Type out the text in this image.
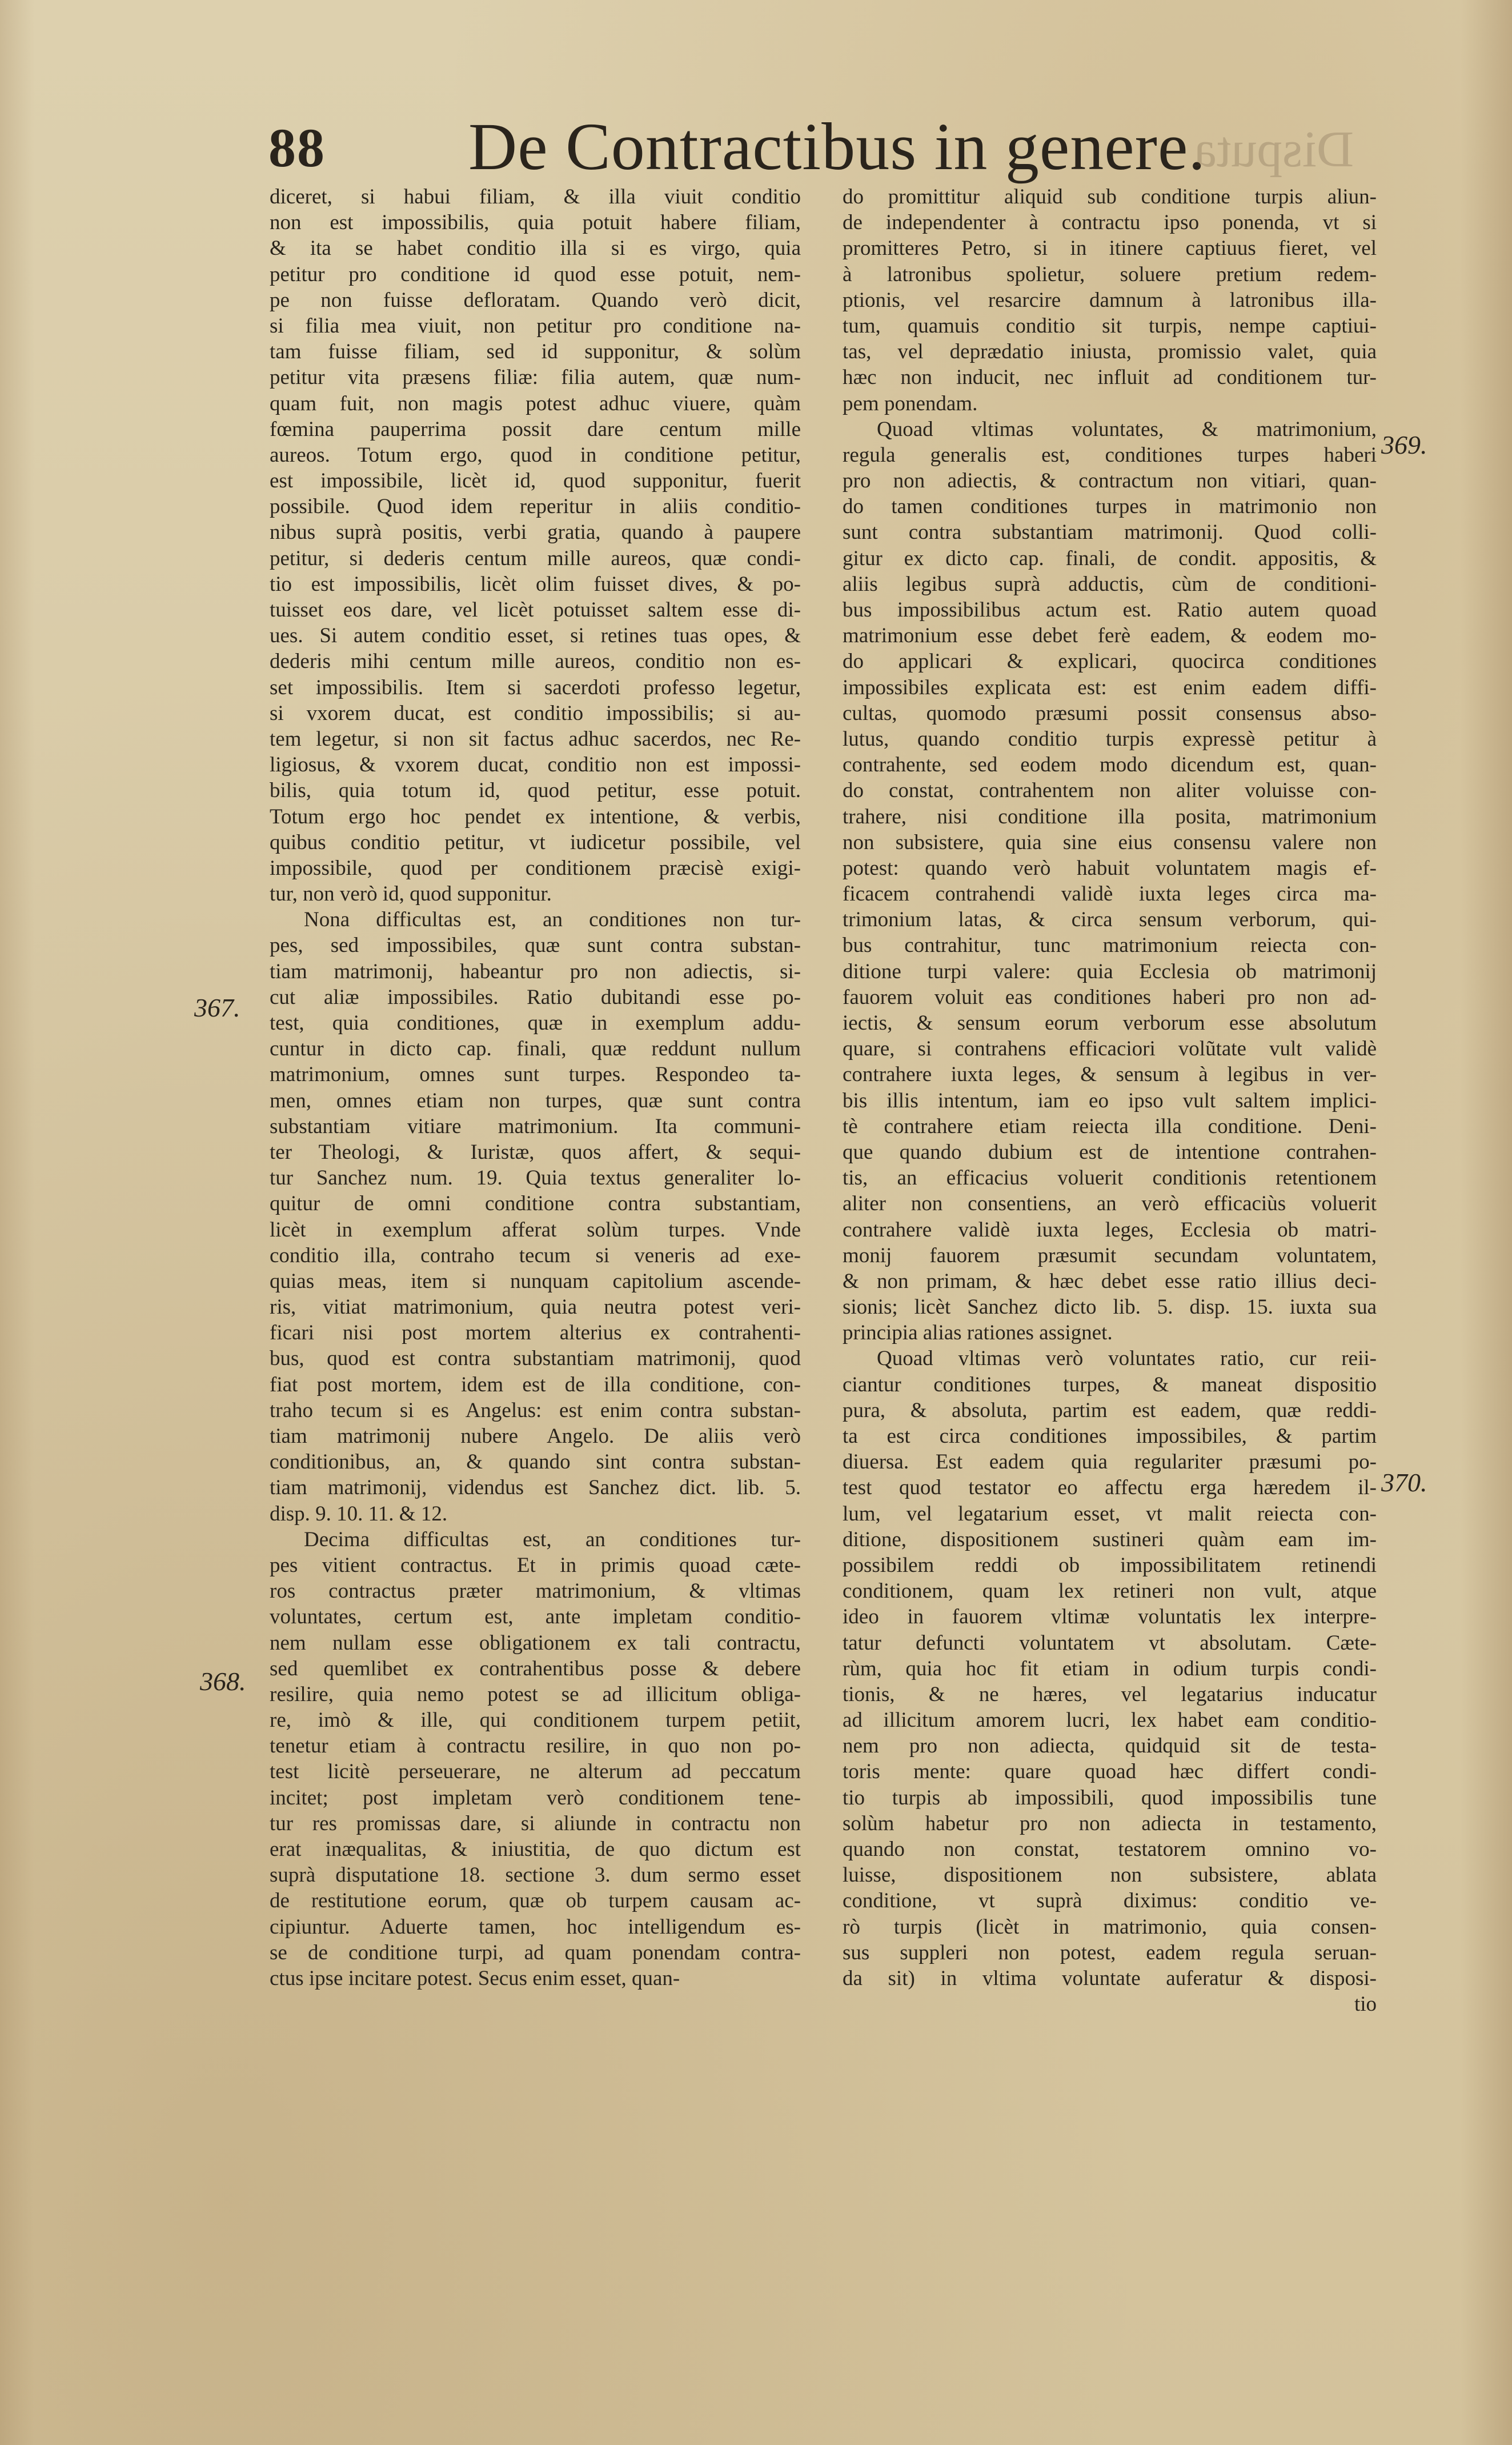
88 De Contractibus in genere.
Disputa
367.
368.
369.
370.
diceret, si habui filiam, & illa viuit conditio
non est impossibilis, quia potuit habere filiam,
& ita se habet conditio illa si es virgo, quia
petitur pro conditione id quod esse potuit, nem-
pe non fuisse defloratam. Quando verò dicit,
si filia mea viuit, non petitur pro conditione na-
tam fuisse filiam, sed id supponitur, & solùm
petitur vita præsens filiæ: filia autem, quæ num-
quam fuit, non magis potest adhuc viuere, quàm
fœmina pauperrima possit dare centum mille
aureos. Totum ergo, quod in conditione petitur,
est impossibile, licèt id, quod supponitur, fuerit
possibile. Quod idem reperitur in aliis conditio-
nibus suprà positis, verbi gratia, quando à paupere
petitur, si dederis centum mille aureos, quæ condi-
tio est impossibilis, licèt olim fuisset dives, & po-
tuisset eos dare, vel licèt potuisset saltem esse di-
ues. Si autem conditio esset, si retines tuas opes, &
dederis mihi centum mille aureos, conditio non es-
set impossibilis. Item si sacerdoti professo legetur,
si vxorem ducat, est conditio impossibilis; si au-
tem legetur, si non sit factus adhuc sacerdos, nec Re-
ligiosus, & vxorem ducat, conditio non est impossi-
bilis, quia totum id, quod petitur, esse potuit.
Totum ergo hoc pendet ex intentione, & verbis,
quibus conditio petitur, vt iudicetur possibile, vel
impossibile, quod per conditionem præcisè exigi-
tur, non verò id, quod supponitur.
Nona difficultas est, an conditiones non tur-
pes, sed impossibiles, quæ sunt contra substan-
tiam matrimonij, habeantur pro non adiectis, si-
cut aliæ impossibiles. Ratio dubitandi esse po-
test, quia conditiones, quæ in exemplum addu-
cuntur in dicto cap. finali, quæ reddunt nullum
matrimonium, omnes sunt turpes. Respondeo ta-
men, omnes etiam non turpes, quæ sunt contra
substantiam vitiare matrimonium. Ita communi-
ter Theologi, & Iuristæ, quos affert, & sequi-
tur Sanchez num. 19. Quia textus generaliter lo-
quitur de omni conditione contra substantiam,
licèt in exemplum afferat solùm turpes. Vnde
conditio illa, contraho tecum si veneris ad exe-
quias meas, item si nunquam capitolium ascende-
ris, vitiat matrimonium, quia neutra potest veri-
ficari nisi post mortem alterius ex contrahenti-
bus, quod est contra substantiam matrimonij, quod
fiat post mortem, idem est de illa conditione, con-
traho tecum si es Angelus: est enim contra substan-
tiam matrimonij nubere Angelo. De aliis verò
conditionibus, an, & quando sint contra substan-
tiam matrimonij, videndus est Sanchez dict. lib. 5.
disp. 9. 10. 11. & 12.
Decima difficultas est, an conditiones tur-
pes vitient contractus. Et in primis quoad cæte-
ros contractus præter matrimonium, & vltimas
voluntates, certum est, ante impletam conditio-
nem nullam esse obligationem ex tali contractu,
sed quemlibet ex contrahentibus posse & debere
resilire, quia nemo potest se ad illicitum obliga-
re, imò & ille, qui conditionem turpem petiit,
tenetur etiam à contractu resilire, in quo non po-
test licitè perseuerare, ne alterum ad peccatum
incitet; post impletam verò conditionem tene-
tur res promissas dare, si aliunde in contractu non
erat inæqualitas, & iniustitia, de quo dictum est
suprà disputatione 18. sectione 3. dum sermo esset
de restitutione eorum, quæ ob turpem causam ac-
cipiuntur. Aduerte tamen, hoc intelligendum es-
se de conditione turpi, ad quam ponendam contra-
ctus ipse incitare potest. Secus enim esset, quan-
do promittitur aliquid sub conditione turpis aliun-
de independenter à contractu ipso ponenda, vt si
promitteres Petro, si in itinere captiuus fieret, vel
à latronibus spolietur, soluere pretium redem-
ptionis, vel resarcire damnum à latronibus illa-
tum, quamuis conditio sit turpis, nempe captiui-
tas, vel deprædatio iniusta, promissio valet, quia
hæc non inducit, nec influit ad conditionem tur-
pem ponendam.
Quoad vltimas voluntates, & matrimonium,
regula generalis est, conditiones turpes haberi
pro non adiectis, & contractum non vitiari, quan-
do tamen conditiones turpes in matrimonio non
sunt contra substantiam matrimonij. Quod colli-
gitur ex dicto cap. finali, de condit. appositis, &
aliis legibus suprà adductis, cùm de conditioni-
bus impossibilibus actum est. Ratio autem quoad
matrimonium esse debet ferè eadem, & eodem mo-
do applicari & explicari, quocirca conditiones
impossibiles explicata est: est enim eadem diffi-
cultas, quomodo præsumi possit consensus abso-
lutus, quando conditio turpis expressè petitur à
contrahente, sed eodem modo dicendum est, quan-
do constat, contrahentem non aliter voluisse con-
trahere, nisi conditione illa posita, matrimonium
non subsistere, quia sine eius consensu valere non
potest: quando verò habuit voluntatem magis ef-
ficacem contrahendi validè iuxta leges circa ma-
trimonium latas, & circa sensum verborum, qui-
bus contrahitur, tunc matrimonium reiecta con-
ditione turpi valere: quia Ecclesia ob matrimonij
fauorem voluit eas conditiones haberi pro non ad-
iectis, & sensum eorum verborum esse absolutum
quare, si contrahens efficaciori volũtate vult validè
contrahere iuxta leges, & sensum à legibus in ver-
bis illis intentum, iam eo ipso vult saltem implici-
tè contrahere etiam reiecta illa conditione. Deni-
que quando dubium est de intentione contrahen-
tis, an efficacius voluerit conditionis retentionem
aliter non consentiens, an verò efficaciùs voluerit
contrahere validè iuxta leges, Ecclesia ob matri-
monij fauorem præsumit secundam voluntatem,
& non primam, & hæc debet esse ratio illius deci-
sionis; licèt Sanchez dicto lib. 5. disp. 15. iuxta sua
principia alias rationes assignet.
Quoad vltimas verò voluntates ratio, cur reii-
ciantur conditiones turpes, & maneat dispositio
pura, & absoluta, partim est eadem, quæ reddi-
ta est circa conditiones impossibiles, & partim
diuersa. Est eadem quia regulariter præsumi po-
test quod testator eo affectu erga hæredem il-
lum, vel legatarium esset, vt malit reiecta con-
ditione, dispositionem sustineri quàm eam im-
possibilem reddi ob impossibilitatem retinendi
conditionem, quam lex retineri non vult, atque
ideo in fauorem vltimæ voluntatis lex interpre-
tatur defuncti voluntatem vt absolutam. Cæte-
rùm, quia hoc fit etiam in odium turpis condi-
tionis, & ne hæres, vel legatarius inducatur
ad illicitum amorem lucri, lex habet eam conditio-
nem pro non adiecta, quidquid sit de testa-
toris mente: quare quoad hæc differt condi-
tio turpis ab impossibili, quod impossibilis tune
solùm habetur pro non adiecta in testamento,
quando non constat, testatorem omnino vo-
luisse, dispositionem non subsistere, ablata
conditione, vt suprà diximus: conditio ve-
rò turpis (licèt in matrimonio, quia consen-
sus suppleri non potest, eadem regula seruan-
da sit) in vltima voluntate auferatur & disposi-
tio
